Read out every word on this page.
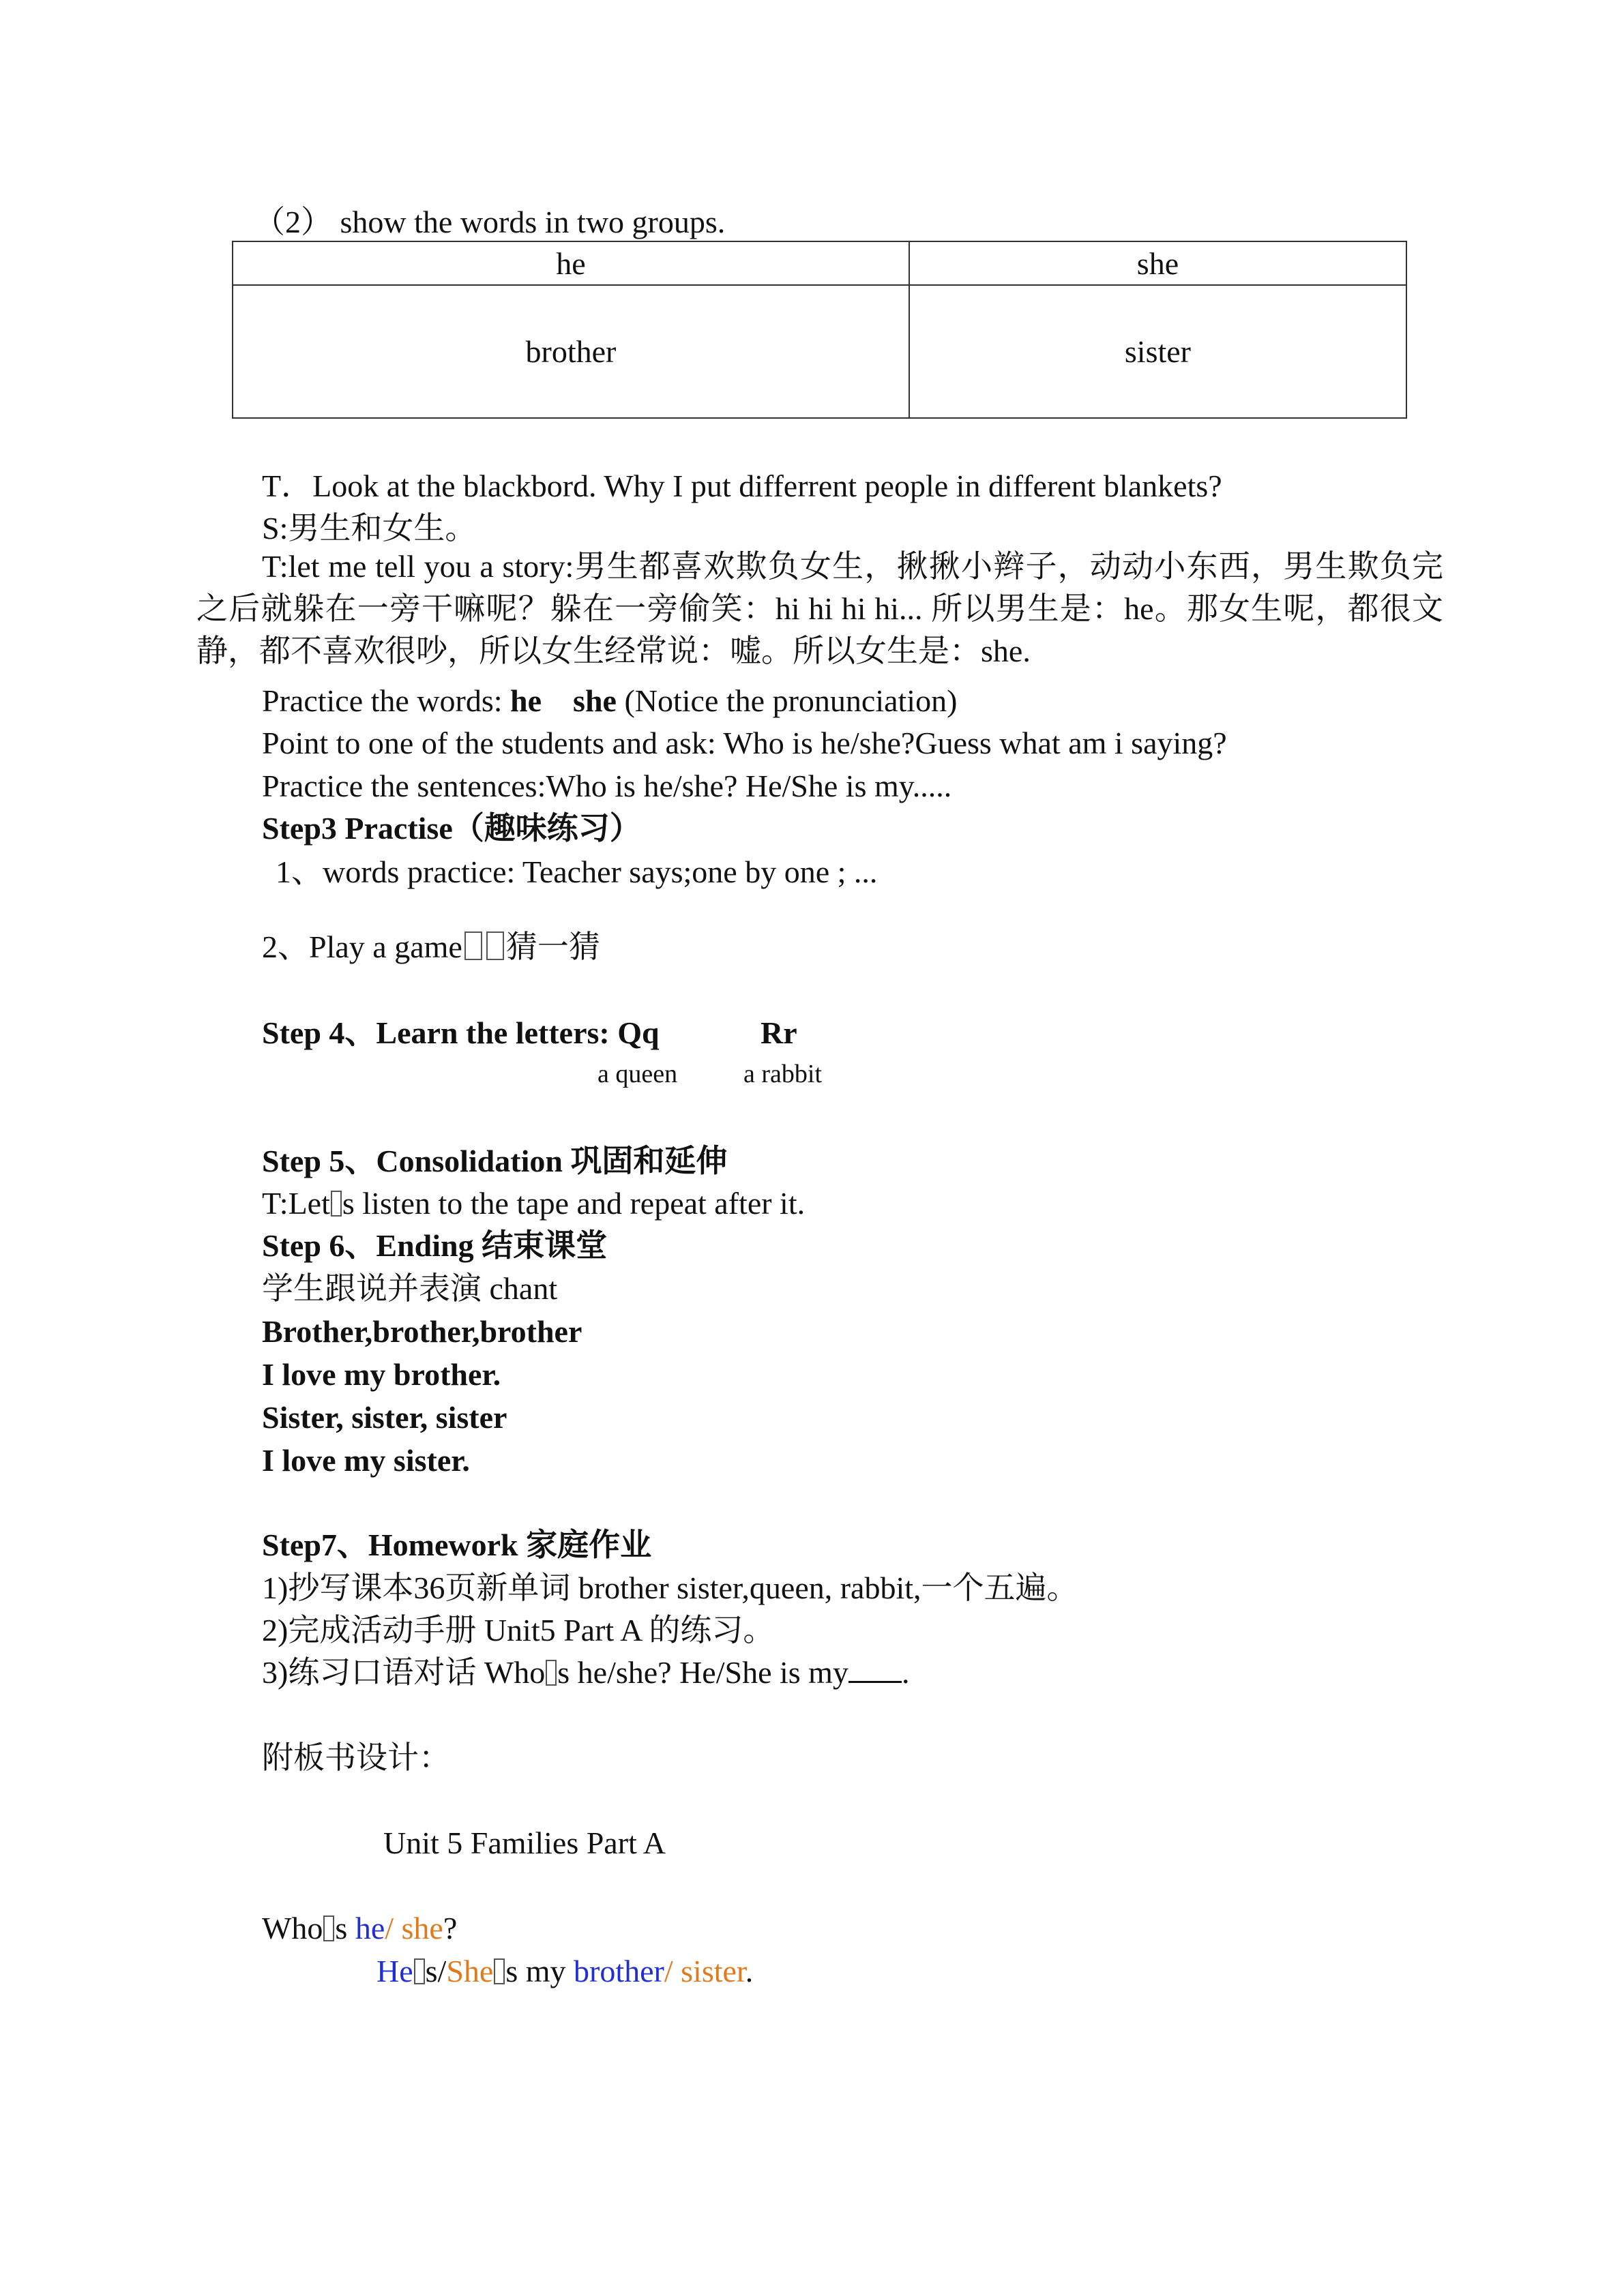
（2） show the words in two groups.
he	she
brother	sister
T．Look at the blackbord. Why I put differrent people in different blankets?
S:男生和女生。
T:let me tell you a story:男生都喜欢欺负女生，揪揪小辫子，动动小东西，男生欺负完之后就躲在一旁干嘛呢？躲在一旁偷笑：hi hi hi hi... 所以男生是：he。那女生呢，都很文静，都不喜欢很吵，所以女生经常说：嘘。所以女生是：she.
Practice the words: he she (Notice the pronunciation)
Point to one of the students and ask: Who is he/she?Guess what am i saying?
Practice the sentences:Who is he/she? He/She is my.....
Step3 Practise（趣味练习）
1、words practice: Teacher says;one by one ; ...
2、Play a game 猜一猜
Step 4、Learn the letters: Qq	Rr
a queen	a rabbit
Step 5、Consolidation 巩固和延伸
T:Let s listen to the tape and repeat after it.
Step 6、Ending 结束课堂
学生跟说并表演 chant
Brother,brother,brother
I love my brother.
Sister, sister, sister
I love my sister.
Step7、Homework 家庭作业
1)抄写课本36页新单词 brother sister,queen, rabbit,一个五遍。
2)完成活动手册 Unit5 Part A 的练习。
3)练习口语对话 Who s he/she? He/She is my .
附板书设计：
Unit 5 Families Part A
Who s he/ she?
He s/She s my brother/ sister.
